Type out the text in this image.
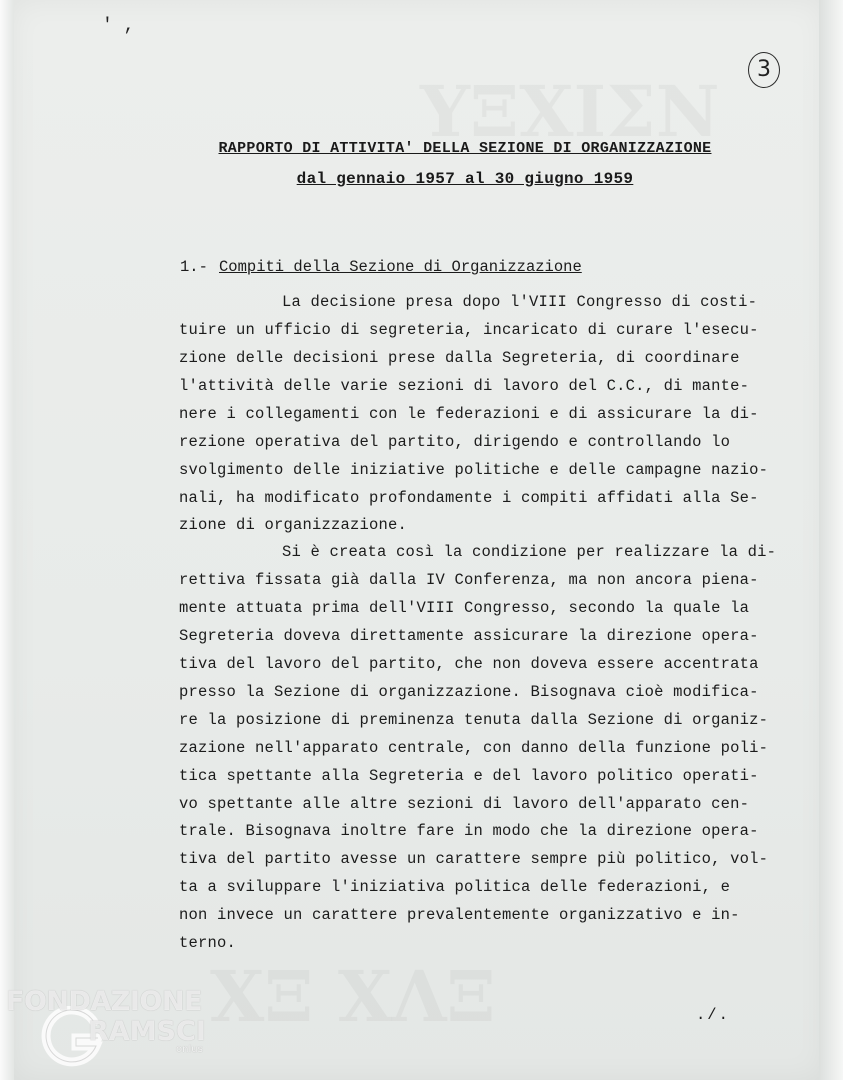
' ,
3
RAPPORTO DI ATTIVITA' DELLA SEZIONE DI ORGANIZZAZIONE
dal gennaio 1957 al 30 giugno 1959
1.- Compiti della Sezione di Organizzazione
La decisione presa dopo l'VIII Congresso di costi-
tuire un ufficio di segreteria, incaricato di curare l'esecu-
zione delle decisioni prese dalla Segreteria, di coordinare
l'attività delle varie sezioni di lavoro del C.C., di mante-
nere i collegamenti con le federazioni e di assicurare la di-
rezione operativa del partito, dirigendo e controllando lo
svolgimento delle iniziative politiche e delle campagne nazio-
nali, ha modificato profondamente i compiti affidati alla Se-
zione di organizzazione.
Si è creata così la condizione per realizzare la di-
rettiva fissata già dalla IV Conferenza, ma non ancora piena-
mente attuata prima dell'VIII Congresso, secondo la quale la
Segreteria doveva direttamente assicurare la direzione opera-
tiva del lavoro del partito, che non doveva essere accentrata
presso la Sezione di organizzazione. Bisognava cioè modifica-
re la posizione di preminenza tenuta dalla Sezione di organiz-
zazione nell'apparato centrale, con danno della funzione poli-
tica spettante alla Segreteria e del lavoro politico operati-
vo spettante alle altre sezioni di lavoro dell'apparato cen-
trale. Bisognava inoltre fare in modo che la direzione opera-
tiva del partito avesse un carattere sempre più politico, vol-
ta a sviluppare l'iniziativa politica delle federazioni, e
non invece un carattere prevalentemente organizzativo e in-
terno.
./.
FONDAZIONE
RAMSCI
onlus
